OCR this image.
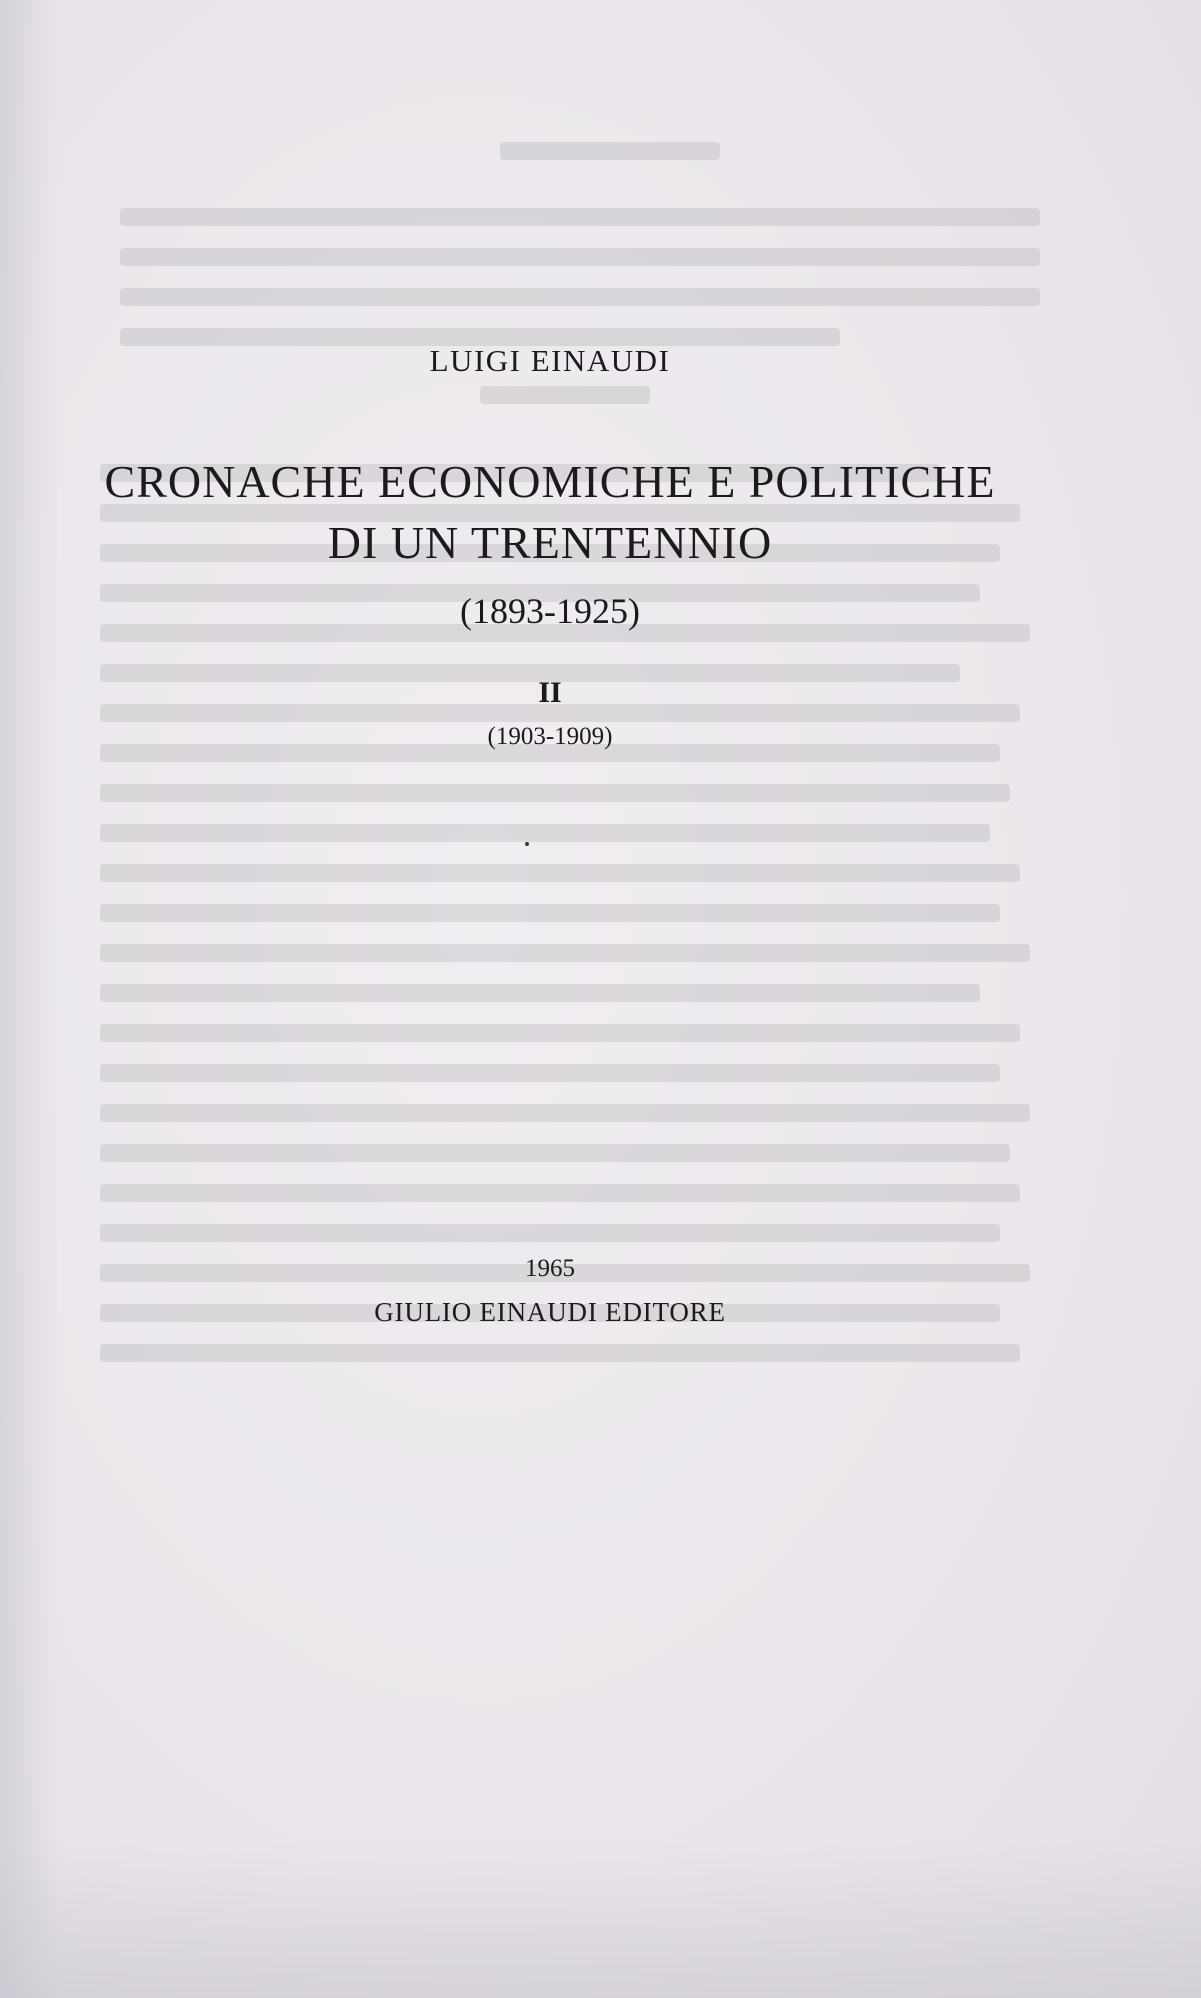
LUIGI EINAUDI
CRONACHE ECONOMICHE E POLITICHE
DI UN TRENTENNIO
(1893-1925)
II
(1903-1909)
1965
GIULIO EINAUDI EDITORE
